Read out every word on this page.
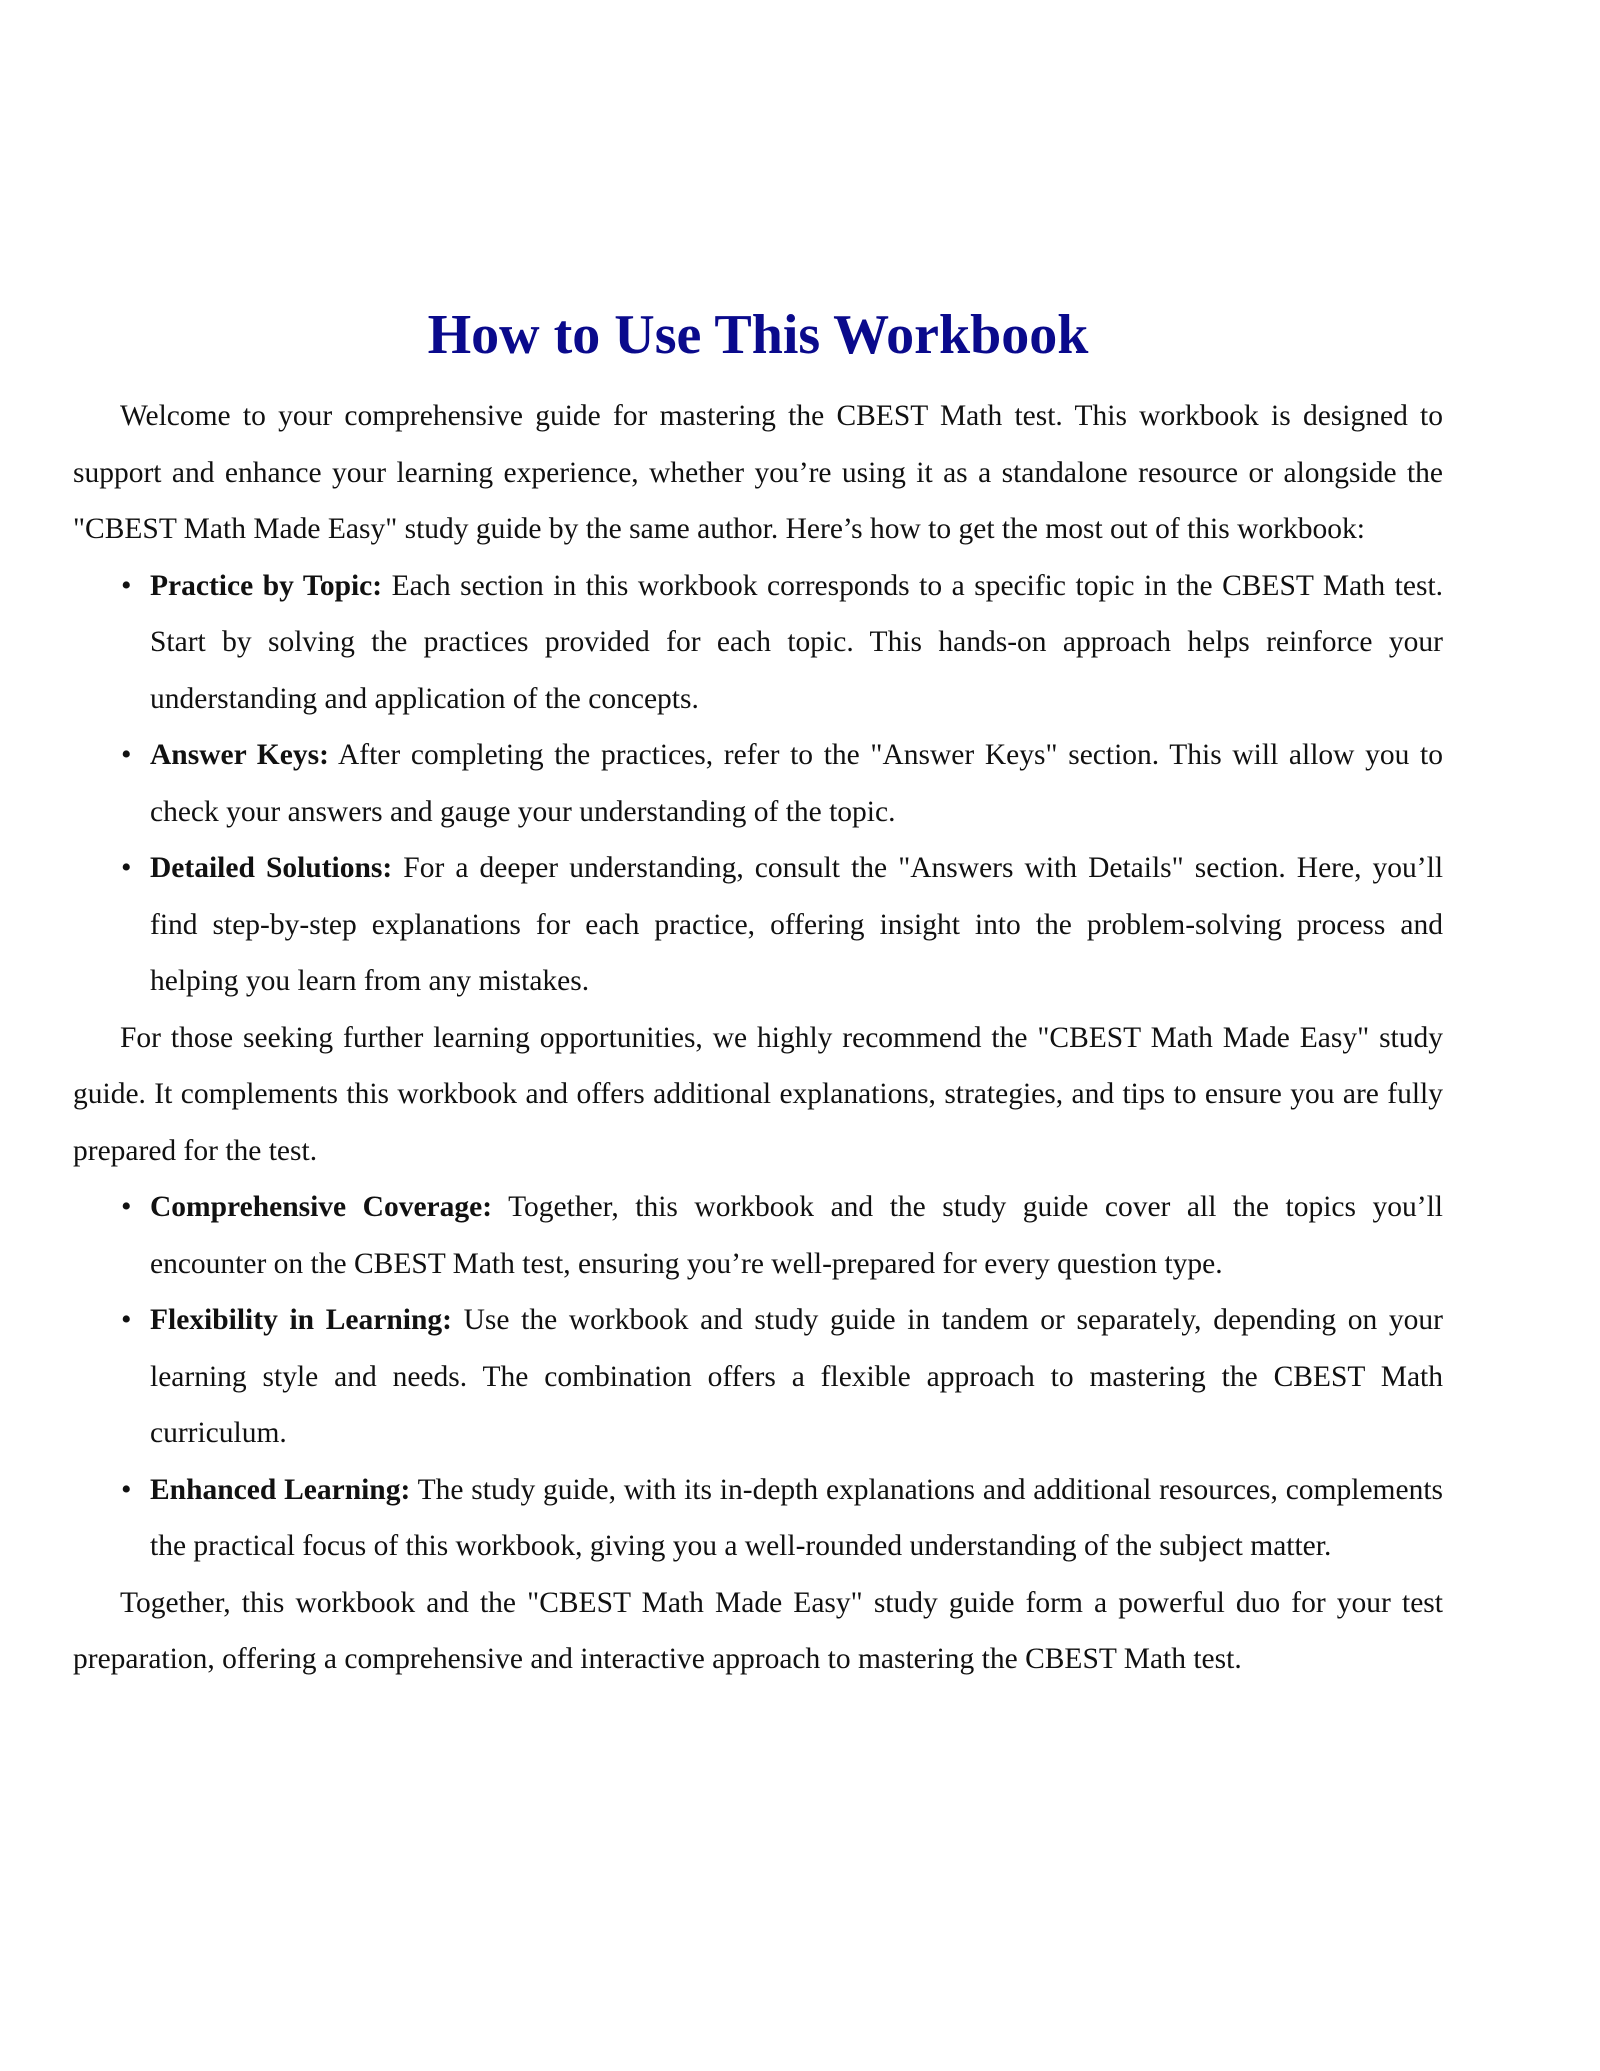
How to Use This Workbook

Welcome to your comprehensive guide for mastering the CBEST Math test. This workbook is designed to support and enhance your learning experience, whether you’re using it as a standalone resource or alongside the "CBEST Math Made Easy" study guide by the same author. Here’s how to get the most out of this workbook:

• Practice by Topic: Each section in this workbook corresponds to a specific topic in the CBEST Math test. Start by solving the practices provided for each topic. This hands-on approach helps reinforce your understanding and application of the concepts.
• Answer Keys: After completing the practices, refer to the "Answer Keys" section. This will allow you to check your answers and gauge your understanding of the topic.
• Detailed Solutions: For a deeper understanding, consult the "Answers with Details" section. Here, you’ll find step-by-step explanations for each practice, offering insight into the problem-solving process and helping you learn from any mistakes.

For those seeking further learning opportunities, we highly recommend the "CBEST Math Made Easy" study guide. It complements this workbook and offers additional explanations, strategies, and tips to ensure you are fully prepared for the test.

• Comprehensive Coverage: Together, this workbook and the study guide cover all the topics you’ll encounter on the CBEST Math test, ensuring you’re well-prepared for every question type.
• Flexibility in Learning: Use the workbook and study guide in tandem or separately, depending on your learning style and needs. The combination offers a flexible approach to mastering the CBEST Math curriculum.
• Enhanced Learning: The study guide, with its in-depth explanations and additional resources, complements the practical focus of this workbook, giving you a well-rounded understanding of the subject matter.

Together, this workbook and the "CBEST Math Made Easy" study guide form a powerful duo for your test preparation, offering a comprehensive and interactive approach to mastering the CBEST Math test.
